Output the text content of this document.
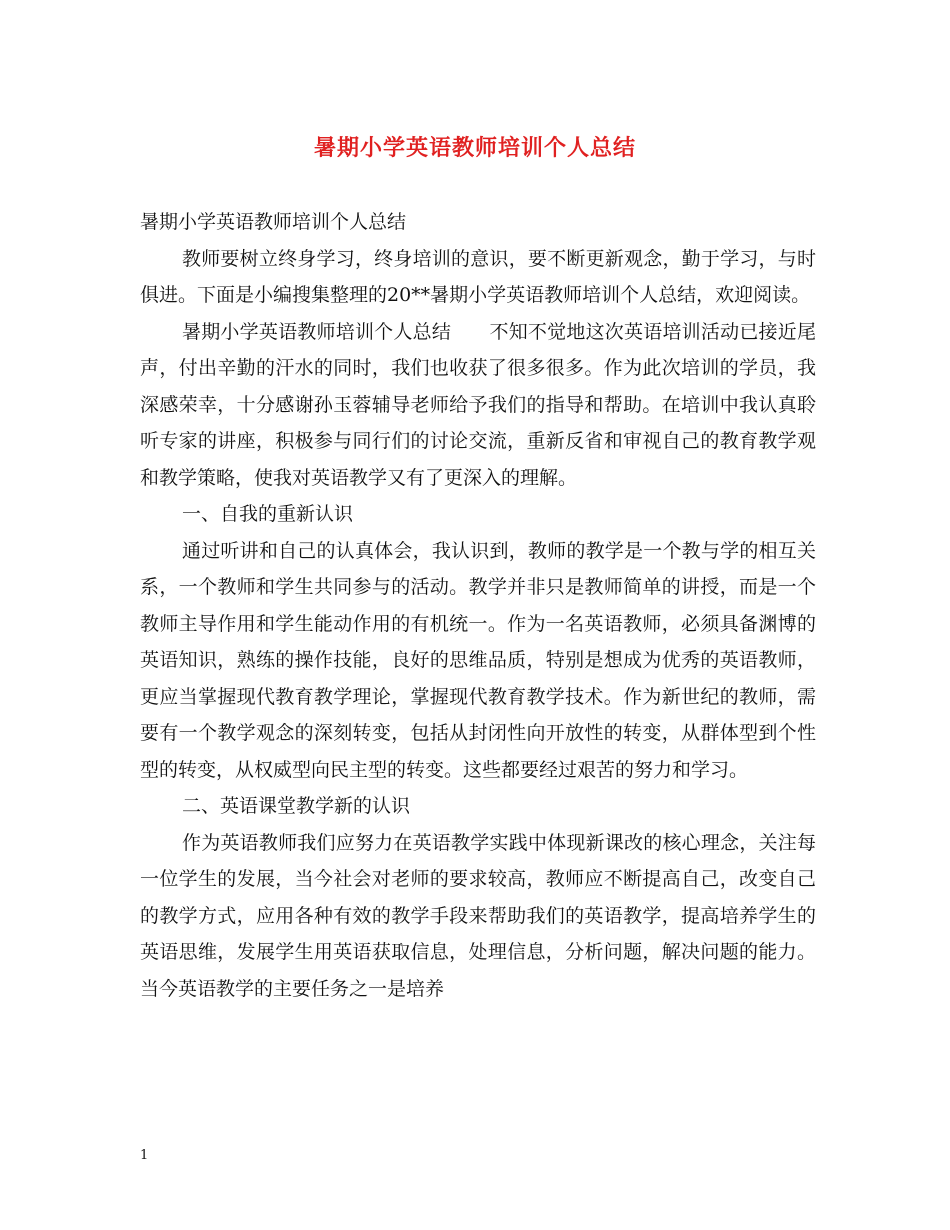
暑期小学英语教师培训个人总结

暑期小学英语教师培训个人总结

教师要树立终身学习，终身培训的意识，要不断更新观念，勤于学习，与时俱进。下面是小编搜集整理的20**暑期小学英语教师培训个人总结，欢迎阅读。

暑期小学英语教师培训个人总结　　不知不觉地这次英语培训活动已接近尾声，付出辛勤的汗水的同时，我们也收获了很多很多。作为此次培训的学员，我深感荣幸，十分感谢孙玉蓉辅导老师给予我们的指导和帮助。在培训中我认真聆听专家的讲座，积极参与同行们的讨论交流，重新反省和审视自己的教育教学观和教学策略，使我对英语教学又有了更深入的理解。

一、自我的重新认识

通过听讲和自己的认真体会，我认识到，教师的教学是一个教与学的相互关系，一个教师和学生共同参与的活动。教学并非只是教师简单的讲授，而是一个教师主导作用和学生能动作用的有机统一。作为一名英语教师，必须具备渊博的英语知识，熟练的操作技能，良好的思维品质，特别是想成为优秀的英语教师，更应当掌握现代教育教学理论，掌握现代教育教学技术。作为新世纪的教师，需要有一个教学观念的深刻转变，包括从封闭性向开放性的转变，从群体型到个性型的转变，从权威型向民主型的转变。这些都要经过艰苦的努力和学习。

二、英语课堂教学新的认识

作为英语教师我们应努力在英语教学实践中体现新课改的核心理念，关注每一位学生的发展，当今社会对老师的要求较高，教师应不断提高自己，改变自己的教学方式，应用各种有效的教学手段来帮助我们的英语教学，提高培养学生的英语思维，发展学生用英语获取信息，处理信息，分析问题，解决问题的能力。当今英语教学的主要任务之一是培养

1
